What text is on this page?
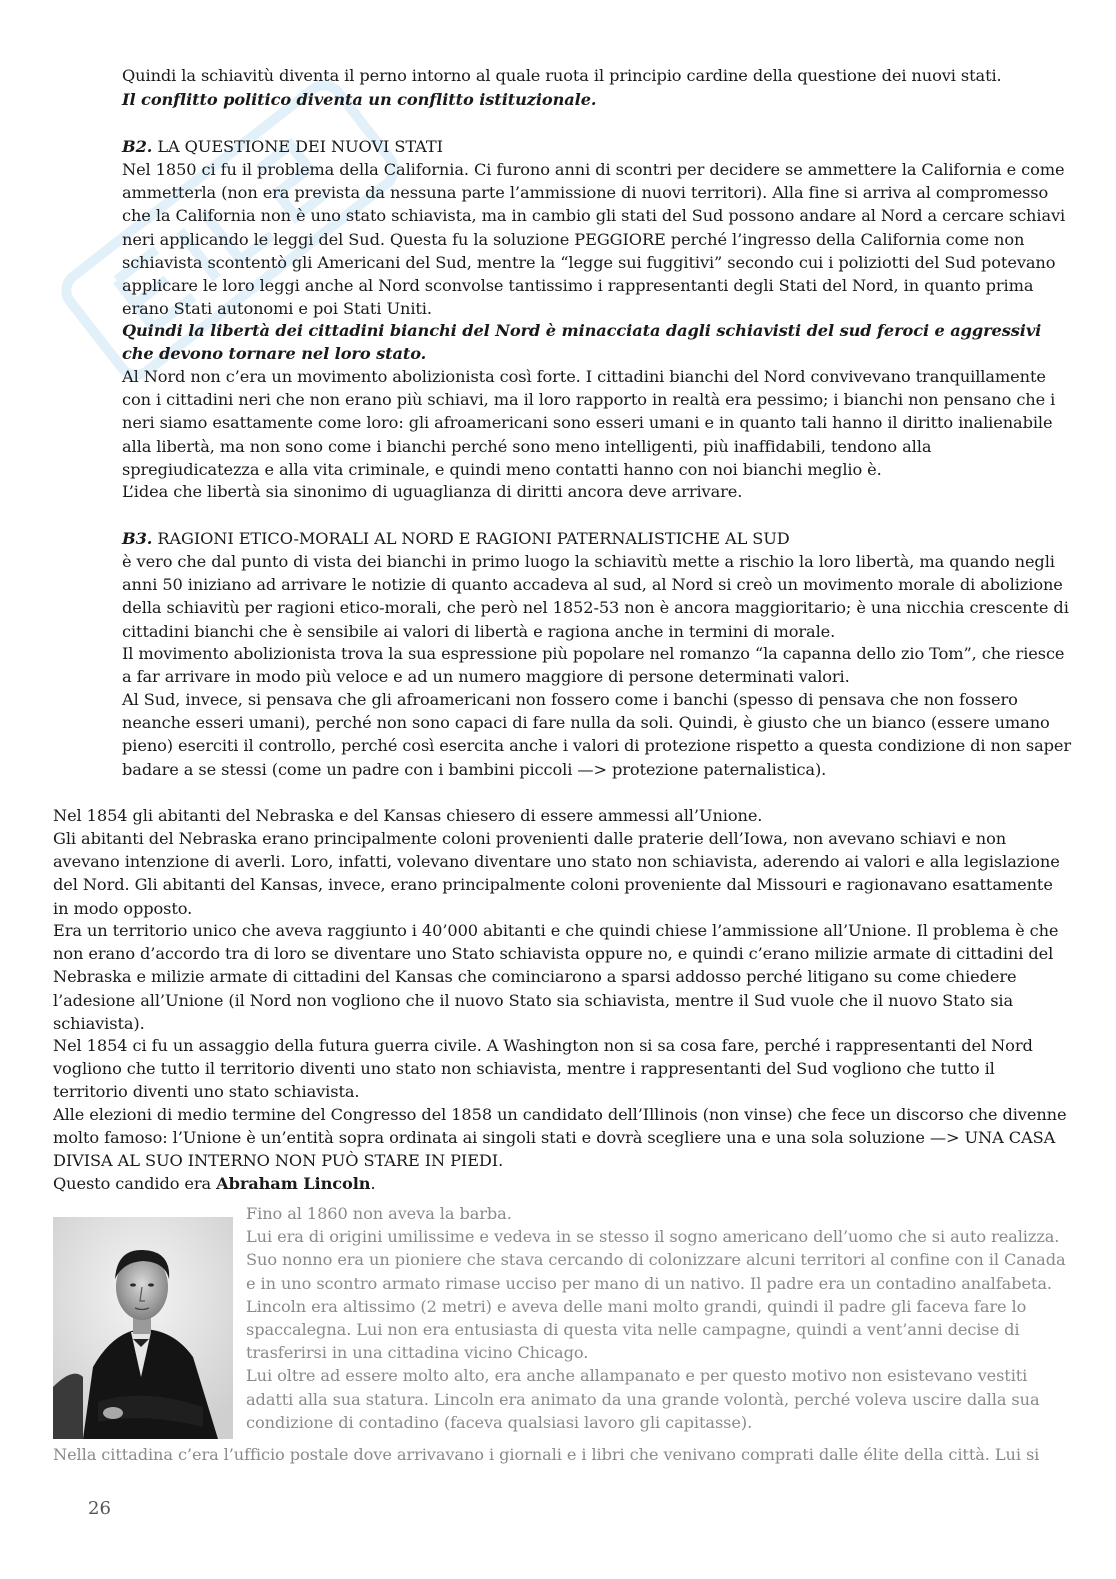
Quindi la schiavitù diventa il perno intorno al quale ruota il principio cardine della questione dei nuovi stati.

Il conflitto politico diventa un conflitto istituzionale.

B2. LA QUESTIONE DEI NUOVI STATI

Nel 1850 ci fu il problema della California. Ci furono anni di scontri per decidere se ammettere la California e come ammetterla (non era prevista da nessuna parte l’ammissione di nuovi territori). Alla fine si arriva al compromesso che la California non è uno stato schiavista, ma in cambio gli stati del Sud possono andare al Nord a cercare schiavi neri applicando le leggi del Sud. Questa fu la soluzione PEGGIORE perché l’ingresso della California come non schiavista scontentò gli Americani del Sud, mentre la “legge sui fuggitivi” secondo cui i poliziotti del Sud potevano applicare le loro leggi anche al Nord sconvolse tantissimo i rappresentanti degli Stati del Nord, in quanto prima erano Stati autonomi e poi Stati Uniti.

Quindi la libertà dei cittadini bianchi del Nord è minacciata dagli schiavisti del sud feroci e aggressivi che devono tornare nel loro stato.

Al Nord non c’era un movimento abolizionista così forte. I cittadini bianchi del Nord convivevano tranquillamente con i cittadini neri che non erano più schiavi, ma il loro rapporto in realtà era pessimo; i bianchi non pensano che i neri siamo esattamente come loro: gli afroamericani sono esseri umani e in quanto tali hanno il diritto inalienabile alla libertà, ma non sono come i bianchi perché sono meno intelligenti, più inaffidabili, tendono alla spregiudicatezza e alla vita criminale, e quindi meno contatti hanno con noi bianchi meglio è.

L’idea che libertà sia sinonimo di uguaglianza di diritti ancora deve arrivare.

B3. RAGIONI ETICO-MORALI AL NORD E RAGIONI PATERNALISTICHE AL SUD

è vero che dal punto di vista dei bianchi in primo luogo la schiavitù mette a rischio la loro libertà, ma quando negli anni 50 iniziano ad arrivare le notizie di quanto accadeva al sud, al Nord si creò un movimento morale di abolizione della schiavitù per ragioni etico-morali, che però nel 1852-53 non è ancora maggioritario; è una nicchia crescente di cittadini bianchi che è sensibile ai valori di libertà e ragiona anche in termini di morale.

Il movimento abolizionista trova la sua espressione più popolare nel romanzo “la capanna dello zio Tom”, che riesce a far arrivare in modo più veloce e ad un numero maggiore di persone determinati valori.

Al Sud, invece, si pensava che gli afroamericani non fossero come i banchi (spesso di pensava che non fossero neanche esseri umani), perché non sono capaci di fare nulla da soli. Quindi, è giusto che un bianco (essere umano pieno) eserciti il controllo, perché così esercita anche i valori di protezione rispetto a questa condizione di non saper badare a se stessi (come un padre con i bambini piccoli —> protezione paternalistica).

Nel 1854 gli abitanti del Nebraska e del Kansas chiesero di essere ammessi all’Unione.

Gli abitanti del Nebraska erano principalmente coloni provenienti dalle praterie dell’Iowa, non avevano schiavi e non avevano intenzione di averli. Loro, infatti, volevano diventare uno stato non schiavista, aderendo ai valori e alla legislazione del Nord. Gli abitanti del Kansas, invece, erano principalmente coloni proveniente dal Missouri e ragionavano esattamente in modo opposto.

Era un territorio unico che aveva raggiunto i 40’000 abitanti e che quindi chiese l’ammissione all’Unione. Il problema è che non erano d’accordo tra di loro se diventare uno Stato schiavista oppure no, e quindi c’erano milizie armate di cittadini del Nebraska e milizie armate di cittadini del Kansas che cominciarono a sparsi addosso perché litigano su come chiedere l’adesione all’Unione (il Nord non vogliono che il nuovo Stato sia schiavista, mentre il Sud vuole che il nuovo Stato sia schiavista).

Nel 1854 ci fu un assaggio della futura guerra civile. A Washington non si sa cosa fare, perché i rappresentanti del Nord vogliono che tutto il territorio diventi uno stato non schiavista, mentre i rappresentanti del Sud vogliono che tutto il territorio diventi uno stato schiavista.

Alle elezioni di medio termine del Congresso del 1858 un candidato dell’Illinois (non vinse) che fece un discorso che divenne molto famoso: l’Unione è un’entità sopra ordinata ai singoli stati e dovrà scegliere una e una sola soluzione —> UNA CASA DIVISA AL SUO INTERNO NON PUÒ STARE IN PIEDI.

Questo candido era Abraham Lincoln.

Fino al 1860 non aveva la barba.

Lui era di origini umilissime e vedeva in se stesso il sogno americano dell’uomo che si auto realizza.

Suo nonno era un pioniere che stava cercando di colonizzare alcuni territori al confine con il Canada e in uno scontro armato rimase ucciso per mano di un nativo. Il padre era un contadino analfabeta. Lincoln era altissimo (2 metri) e aveva delle mani molto grandi, quindi il padre gli faceva fare lo spaccalegna. Lui non era entusiasta di questa vita nelle campagne, quindi a vent’anni decise di trasferirsi in una cittadina vicino Chicago.

Lui oltre ad essere molto alto, era anche allampanato e per questo motivo non esistevano vestiti adatti alla sua statura. Lincoln era animato da una grande volontà, perché voleva uscire dalla sua condizione di contadino (faceva qualsiasi lavoro gli capitasse).

Nella cittadina c’era l’ufficio postale dove arrivavano i giornali e i libri che venivano comprati dalle élite della città. Lui si

26
